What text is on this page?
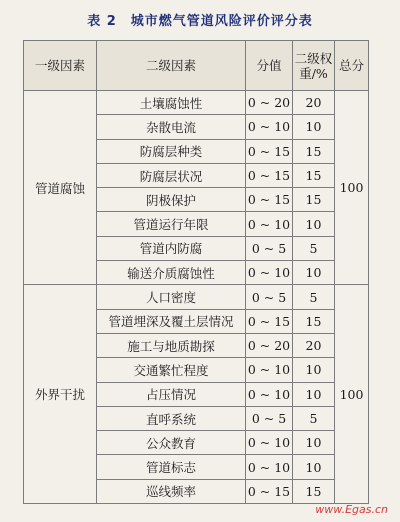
表 2　城市燃气管道风险评价评分表
一级因素	二级因素	分值	二级权重/%	总分
管道腐蚀	土壤腐蚀性	0 ~ 20	20	100
	杂散电流	0 ~ 10	10	
	防腐层种类	0 ~ 15	15	
	防腐层状况	0 ~ 15	15	
	阴极保护	0 ~ 15	15	
	管道运行年限	0 ~ 10	10	
	管道内防腐	0 ~ 5	5	
	输送介质腐蚀性	0 ~ 10	10	
外界干扰	人口密度	0 ~ 5	5	100
	管道埋深及覆土层情况	0 ~ 15	15	
	施工与地质勘探	0 ~ 20	20	
	交通繁忙程度	0 ~ 10	10	
	占压情况	0 ~ 10	10	
	直呼系统	0 ~ 5	5	
	公众教育	0 ~ 10	10	
	管道标志	0 ~ 10	10	
	巡线频率	0 ~ 15	15	
www.Egas.cn
